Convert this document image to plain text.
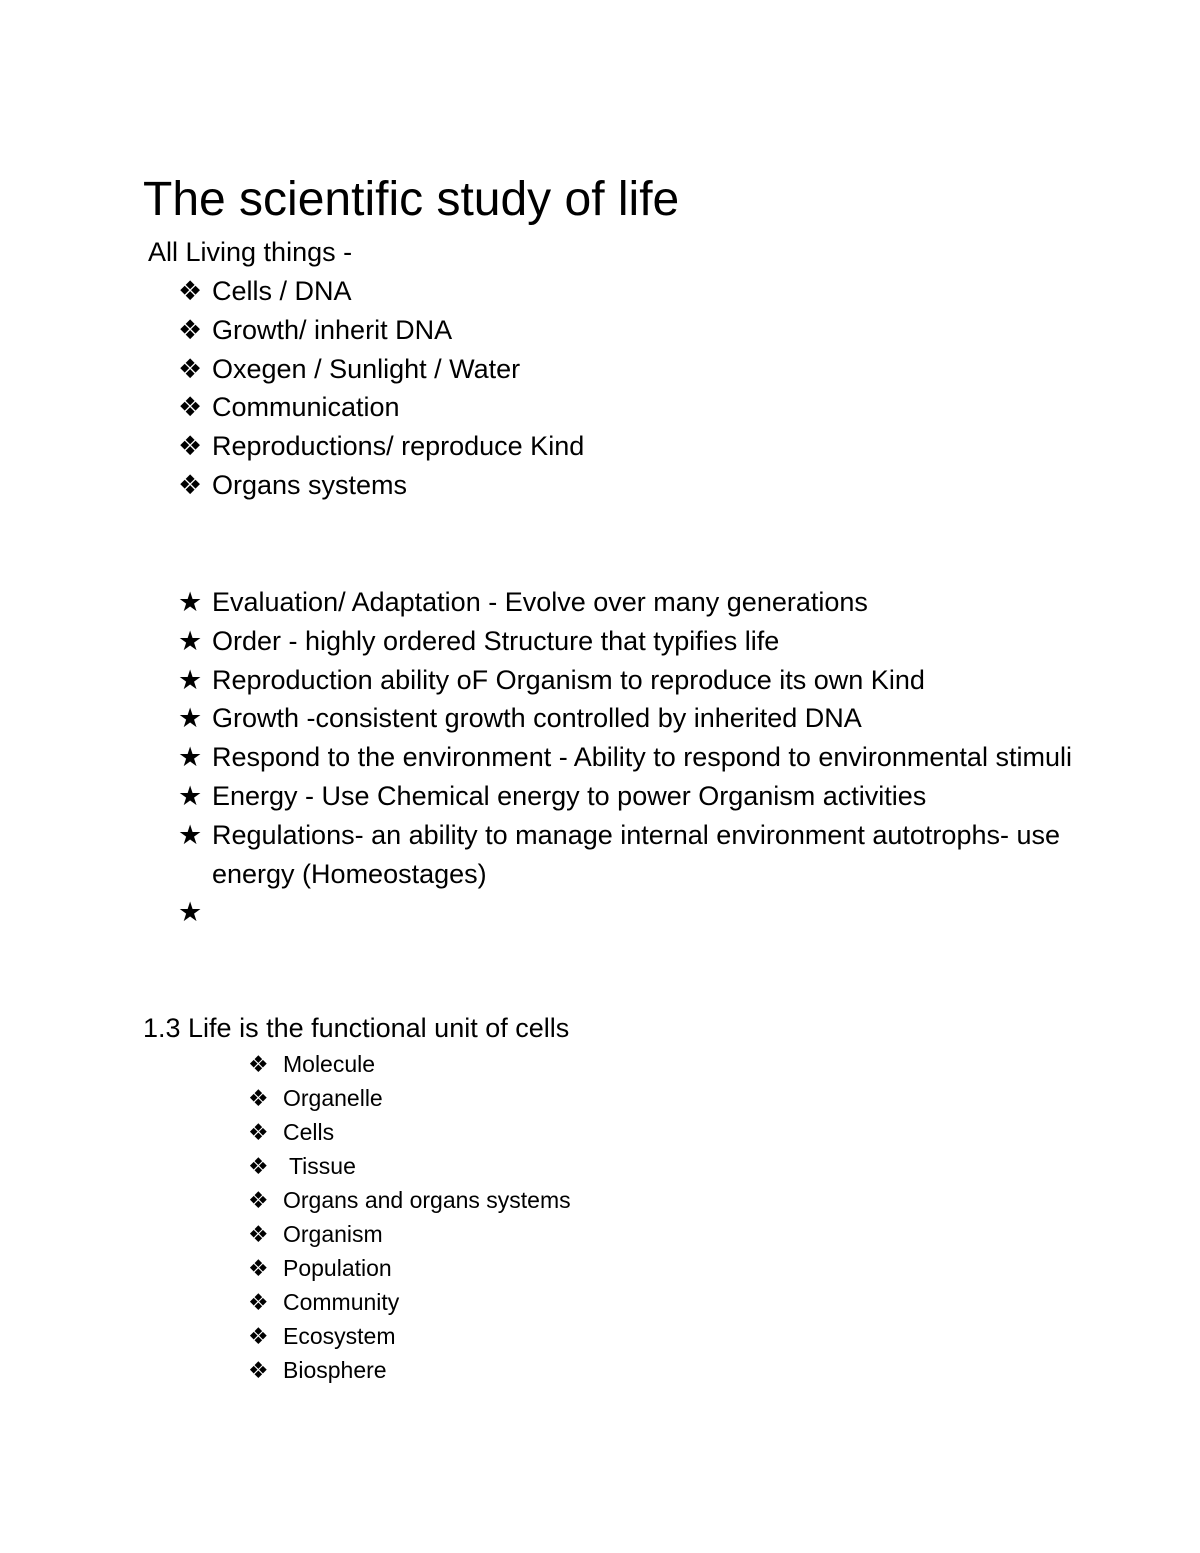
The scientific study of life
All Living things -
❖ Cells / DNA
❖ Growth/ inherit DNA
❖ Oxegen / Sunlight / Water
❖ Communication
❖ Reproductions/ reproduce Kind
❖ Organs systems
★ Evaluation/ Adaptation - Evolve over many generations
★ Order - highly ordered Structure that typifies life
★ Reproduction ability oF Organism to reproduce its own Kind
★ Growth -consistent growth controlled by inherited DNA
★ Respond to the environment - Ability to respond to environmental stimuli
★ Energy - Use Chemical energy to power Organism activities
★ Regulations- an ability to manage internal environment autotrophs- use energy (Homeostages)
★
1.3 Life is the functional unit of cells
❖ Molecule
❖ Organelle
❖ Cells
❖ Tissue
❖ Organs and organs systems
❖ Organism
❖ Population
❖ Community
❖ Ecosystem
❖ Biosphere
